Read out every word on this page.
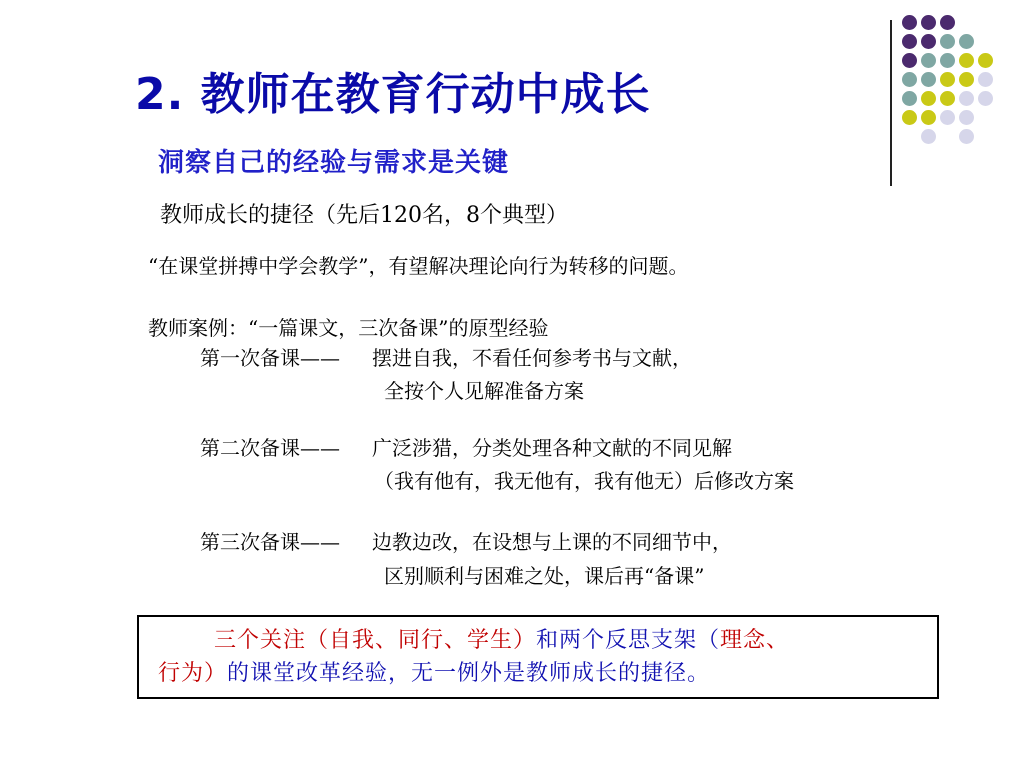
2. 教师在教育行动中成长
洞察自己的经验与需求是关键
教师成长的捷径（先后120名，8个典型）
“在课堂拼搏中学会教学”，有望解决理论向行为转移的问题。
教师案例：“一篇课文，三次备课”的原型经验
第一次备课—— 摆进自我，不看任何参考书与文献，
全按个人见解准备方案
第二次备课—— 广泛涉猎，分类处理各种文献的不同见解
（我有他有，我无他有，我有他无）后修改方案
第三次备课—— 边教边改，在设想与上课的不同细节中，
区别顺利与困难之处，课后再“备课”
三个关注（自我、同行、学生）和两个反思支架（理念、
行为）的课堂改革经验，无一例外是教师成长的捷径。
